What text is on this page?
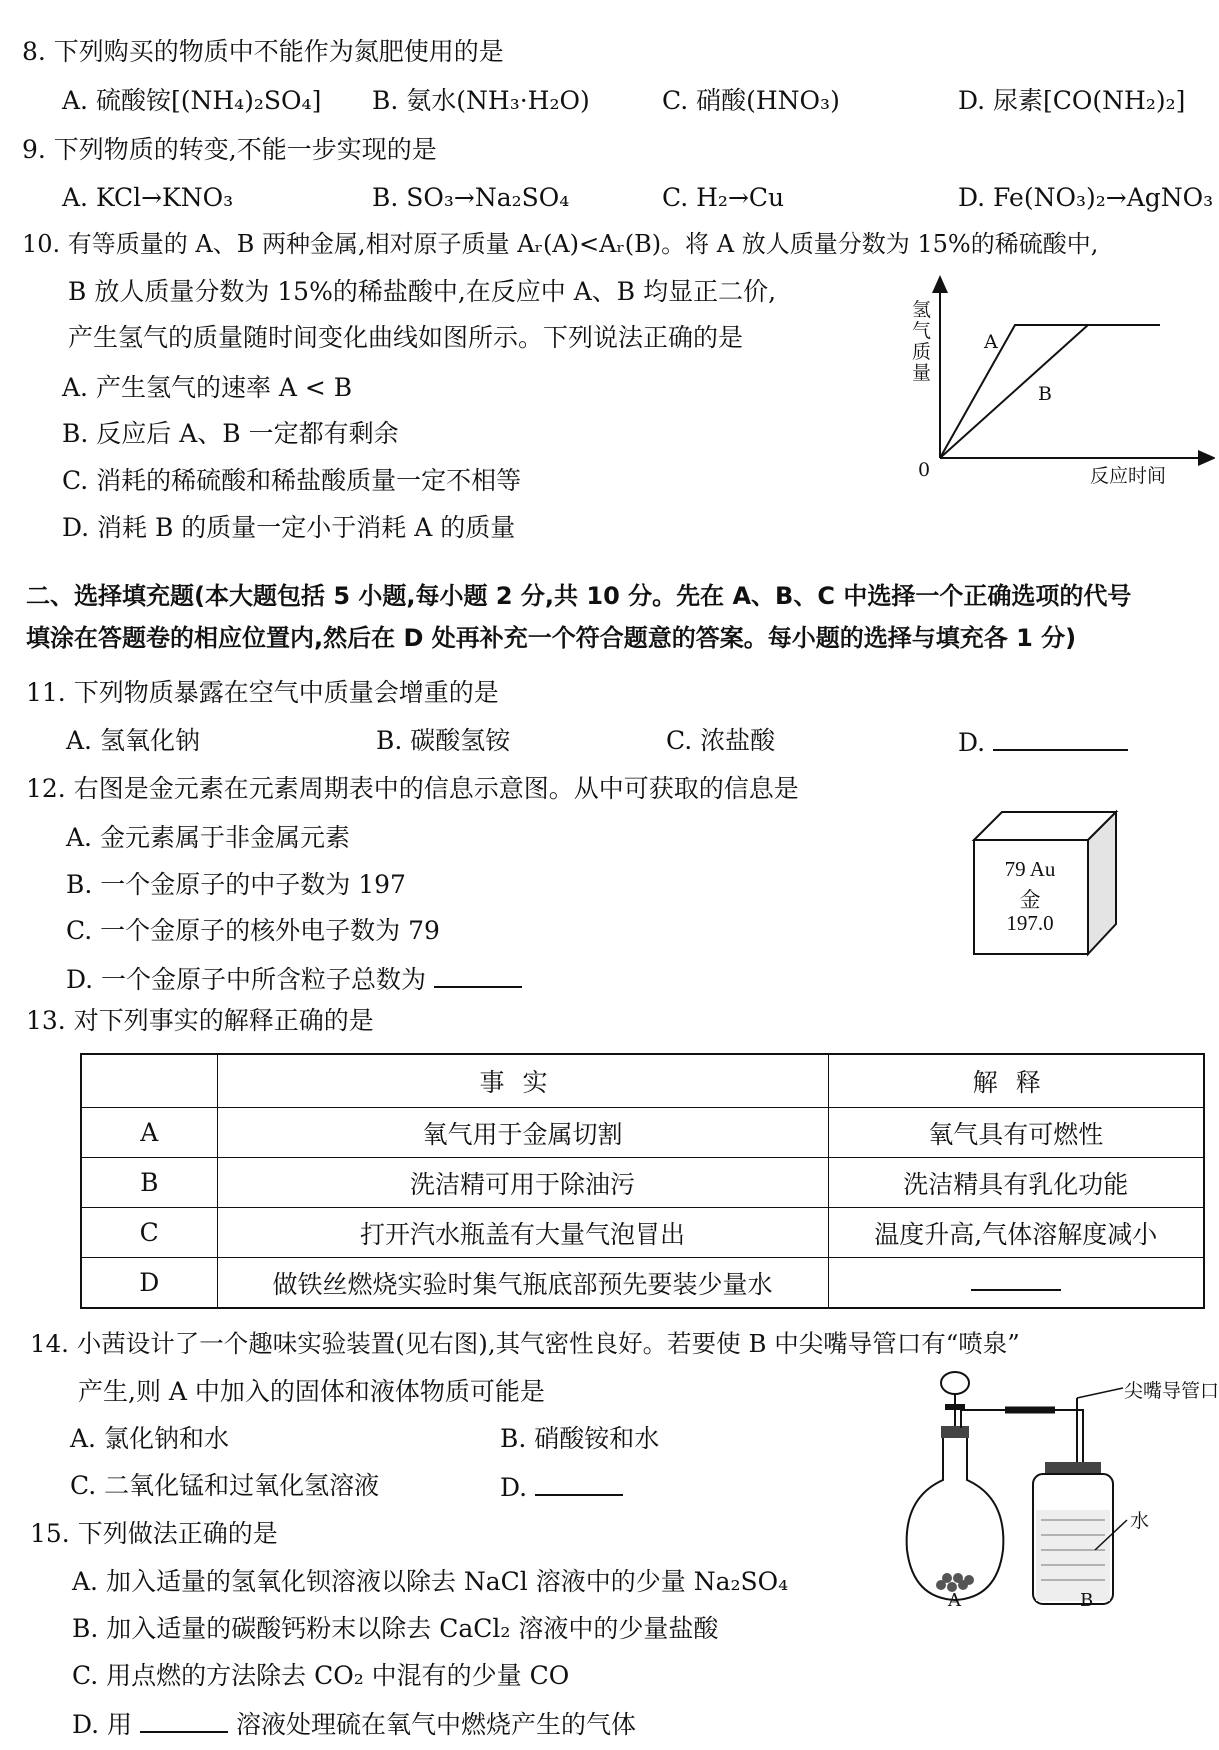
8. 下列购买的物质中不能作为氮肥使用的是
A. 硫酸铵[(NH₄)₂SO₄] B. 氨水(NH₃·H₂O)	C. 硝酸(HNO₃)	D. 尿素[CO(NH₂)₂]
9. 下列物质的转变,不能一步实现的是
A. KCl→KNO₃	B. SO₃→Na₂SO₄	C. H₂→Cu	D. Fe(NO₃)₂→AgNO₃
10. 有等质量的 A、B 两种金属,相对原子质量 Aᵣ(A)<Aᵣ(B)。将 A 放人质量分数为 15%的稀硫酸中,
B 放人质量分数为 15%的稀盐酸中,在反应中 A、B 均显正二价,
产生氢气的质量随时间变化曲线如图所示。下列说法正确的是
A. 产生氢气的速率 A < B
B. 反应后 A、B 一定都有剩余
C. 消耗的稀硫酸和稀盐酸质量一定不相等
D. 消耗 B 的质量一定小于消耗 A 的质量
氢气质量
反应时间
0
A
B
二、选择填充题(本大题包括 5 小题,每小题 2 分,共 10 分。先在 A、B、C 中选择一个正确选项的代号
填涂在答题卷的相应位置内,然后在 D 处再补充一个符合题意的答案。每小题的选择与填充各 1 分)
11. 下列物质暴露在空气中质量会增重的是
A. 氢氧化钠	B. 碳酸氢铵	C. 浓盐酸	D.
12. 右图是金元素在元素周期表中的信息示意图。从中可获取的信息是
A. 金元素属于非金属元素
B. 一个金原子的中子数为 197
C. 一个金原子的核外电子数为 79
D. 一个金原子中所含粒子总数为
79 Au
金
197.0
13. 对下列事实的解释正确的是
	事实	解释
A	氧气用于金属切割	氧气具有可燃性
B	洗洁精可用于除油污	洗洁精具有乳化功能
C	打开汽水瓶盖有大量气泡冒出	温度升高,气体溶解度减小
D	做铁丝燃烧实验时集气瓶底部预先要装少量水	
14. 小茜设计了一个趣味实验装置(见右图),其气密性良好。若要使 B 中尖嘴导管口有“喷泉”
产生,则 A 中加入的固体和液体物质可能是
A. 氯化钠和水	B. 硝酸铵和水
C. 二氧化锰和过氧化氢溶液	D.
尖嘴导管口
水
A	B
15. 下列做法正确的是
A. 加入适量的氢氧化钡溶液以除去 NaCl 溶液中的少量 Na₂SO₄
B. 加入适量的碳酸钙粉末以除去 CaCl₂ 溶液中的少量盐酸
C. 用点燃的方法除去 CO₂ 中混有的少量 CO
D. 用	溶液处理硫在氧气中燃烧产生的气体
